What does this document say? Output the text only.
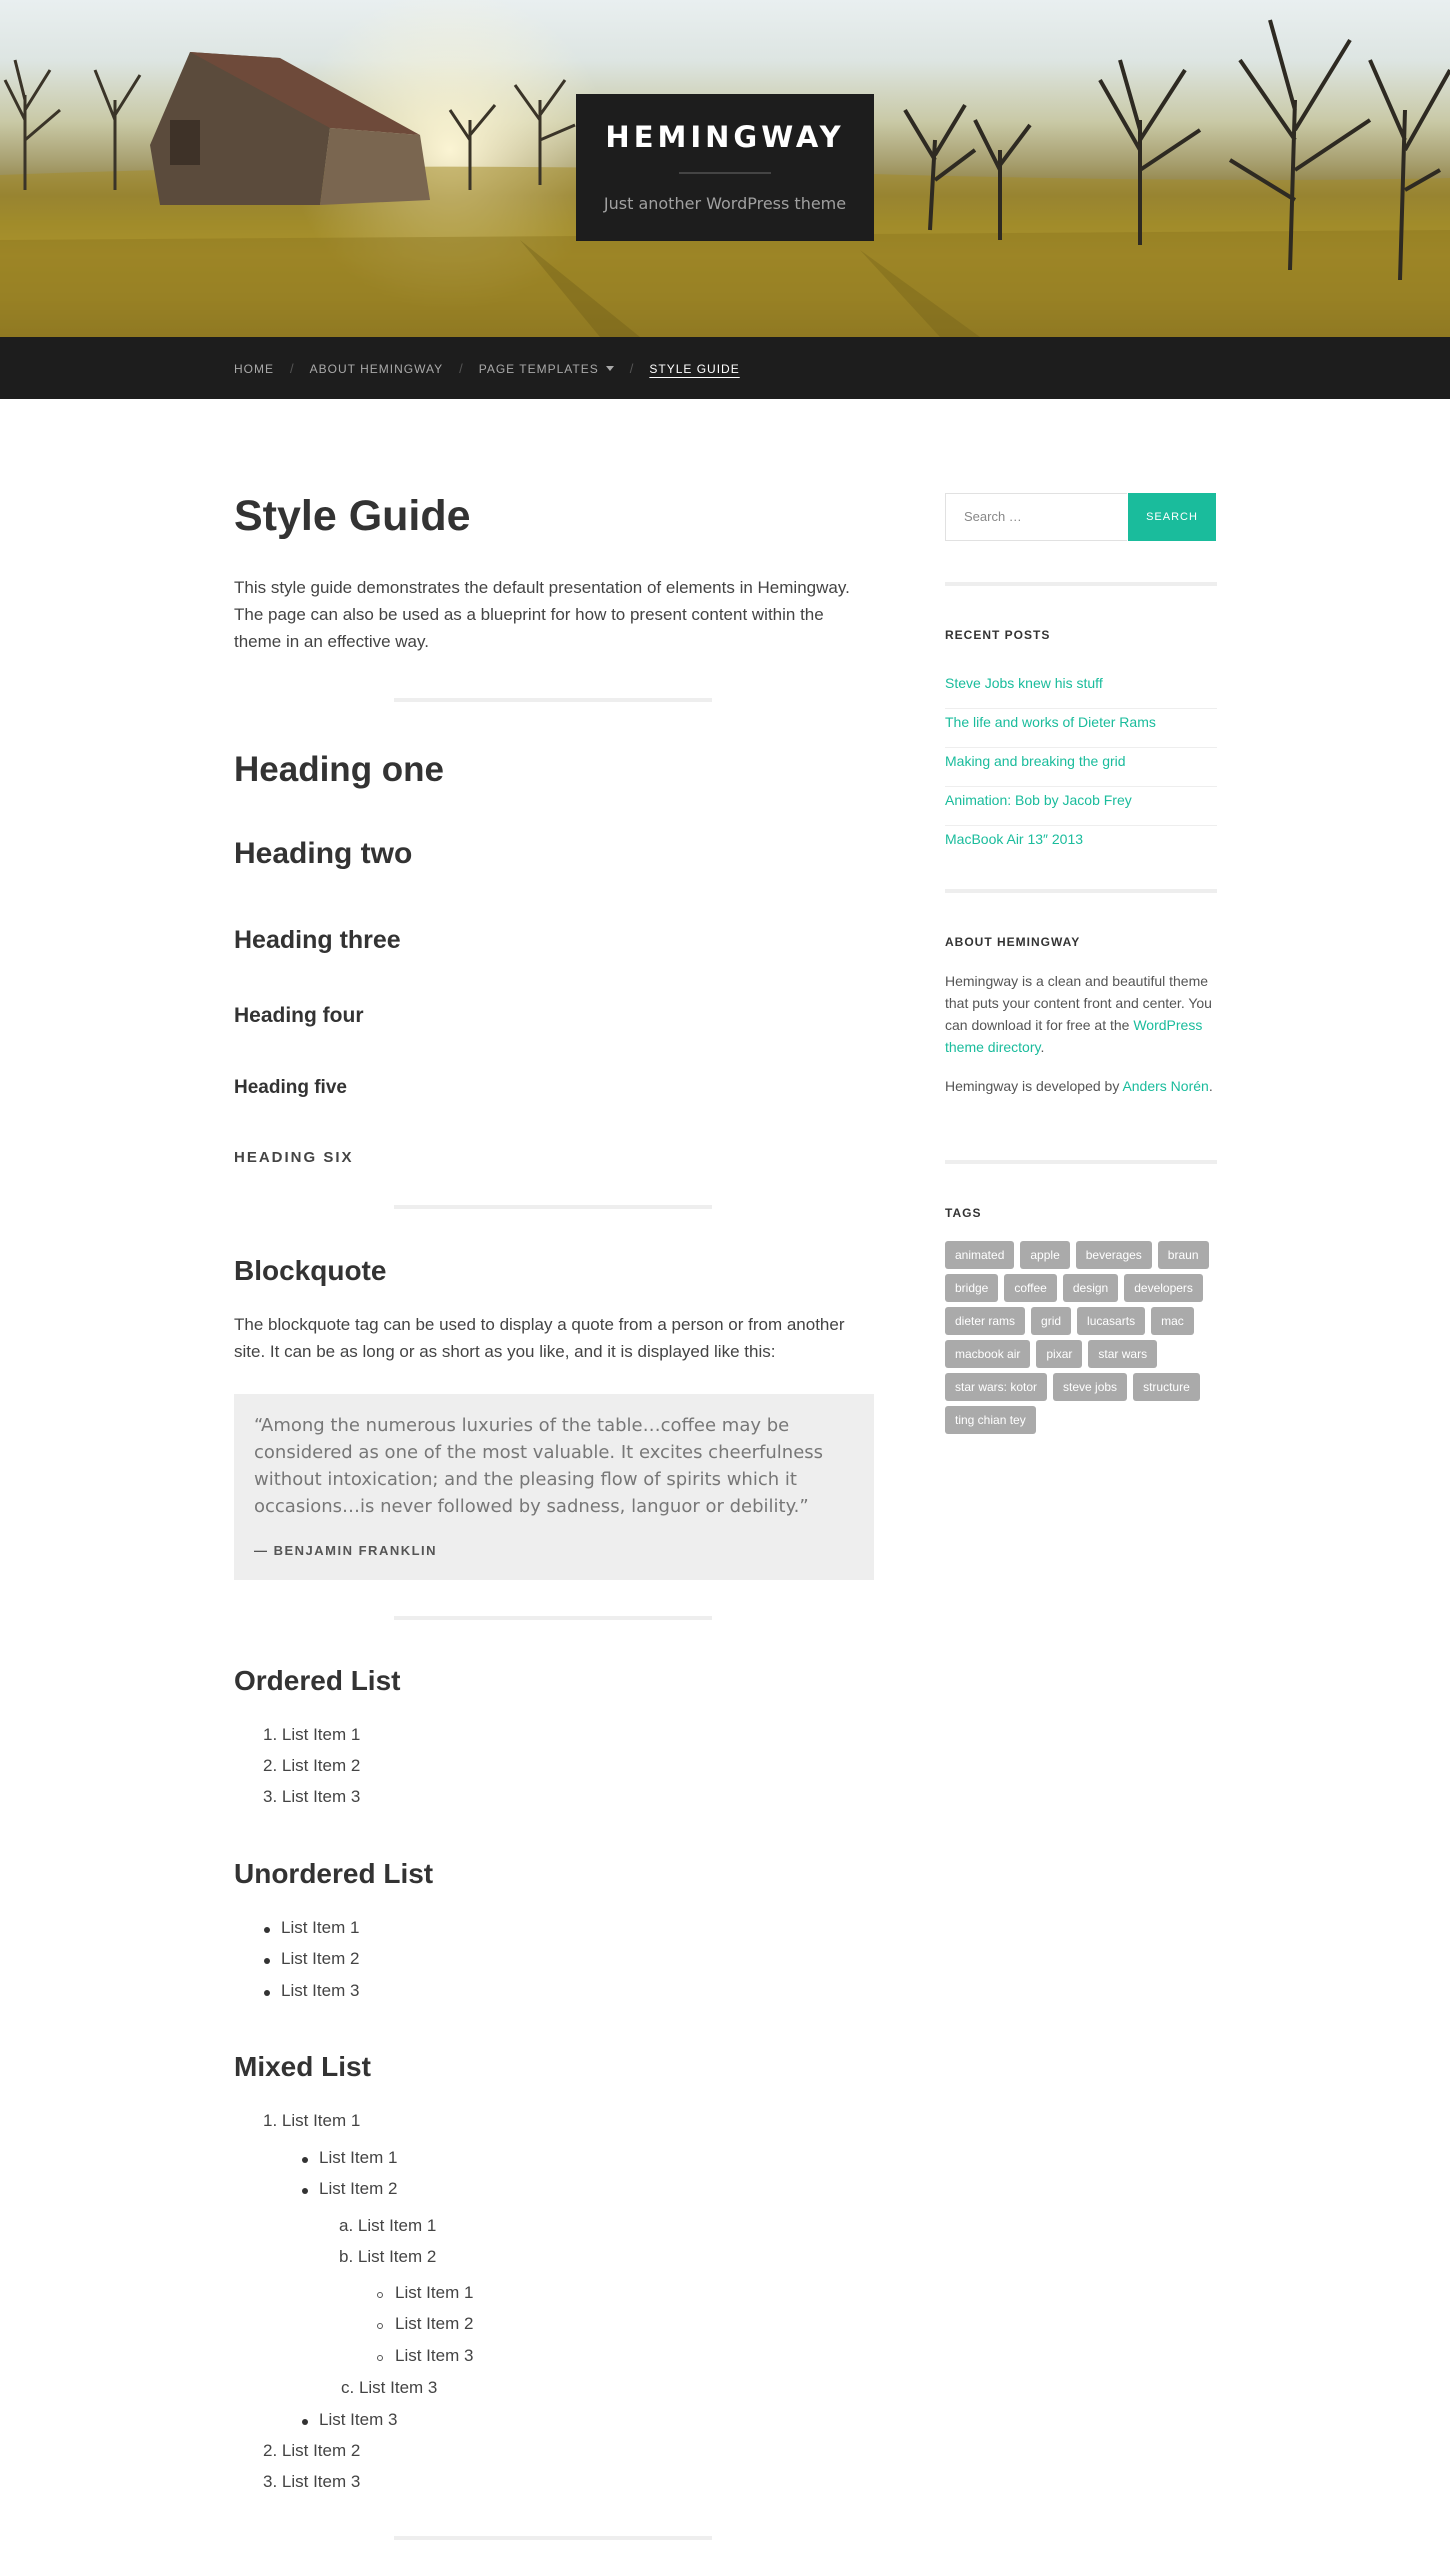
HEMINGWAY
Just another WordPress theme
HOME / ABOUT HEMINGWAY / PAGE TEMPLATES	/ STYLE GUIDE
Style Guide
This style guide demonstrates the default presentation of elements in Hemingway. The page can also be used as a blueprint for how to present content within the theme in an effective way.
Heading one
Heading two
Heading three
Heading four
Heading five
HEADING SIX
Blockquote
The blockquote tag can be used to display a quote from a person or from another site. It can be as long or as short as you like, and it is displayed like this:
“Among the numerous luxuries of the table…coffee may be considered as one of the most valuable. It excites cheerfulness without intoxication; and the pleasing flow of spirits which it occasions…is never followed by sadness, languor or debility.”
— BENJAMIN FRANKLIN
Ordered List
1. List Item 1
2. List Item 2
3. List Item 3
Unordered List
List Item 1
List Item 2
List Item 3
Mixed List
1. List Item 1
List Item 1
List Item 2
a. List Item 1
b. List Item 2
List Item 1
List Item 2
List Item 3
c. List Item 3
List Item 3
2. List Item 2
3. List Item 3
Search …	SEARCH
RECENT POSTS
Steve Jobs knew his stuff
The life and works of Dieter Rams
Making and breaking the grid
Animation: Bob by Jacob Frey
MacBook Air 13″ 2013
ABOUT HEMINGWAY
Hemingway is a clean and beautiful theme that puts your content front and center. You can download it for free at the WordPress theme directory.
Hemingway is developed by Anders Norén.
TAGS
animated	apple	beverages	braun
bridge	coffee	design	developers
dieter rams	grid	lucasarts	mac
macbook air	pixar	star wars
star wars: kotor	steve jobs	structure
ting chian tey
